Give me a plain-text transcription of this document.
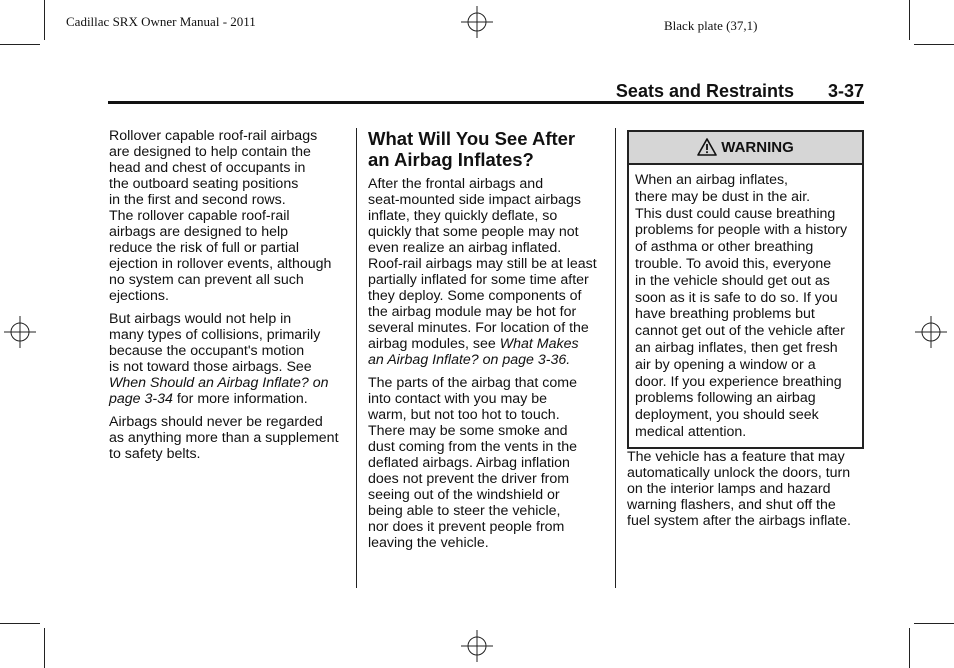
Cadillac SRX Owner Manual - 2011	Black plate (37,1)
Seats and Restraints 3-37

Rollover capable roof-rail airbags
are designed to help contain the
head and chest of occupants in
the outboard seating positions
in the first and second rows.
The rollover capable roof-rail
airbags are designed to help
reduce the risk of full or partial
ejection in rollover events, although
no system can prevent all such
ejections.

But airbags would not help in
many types of collisions, primarily
because the occupant's motion
is not toward those airbags. See
When Should an Airbag Inflate? on
page 3-34 for more information.

Airbags should never be regarded
as anything more than a supplement
to safety belts.

What Will You See After
an Airbag Inflates?

After the frontal airbags and
seat-mounted side impact airbags
inflate, they quickly deflate, so
quickly that some people may not
even realize an airbag inflated.
Roof-rail airbags may still be at least
partially inflated for some time after
they deploy. Some components of
the airbag module may be hot for
several minutes. For location of the
airbag modules, see What Makes
an Airbag Inflate? on page 3-36.

The parts of the airbag that come
into contact with you may be
warm, but not too hot to touch.
There may be some smoke and
dust coming from the vents in the
deflated airbags. Airbag inflation
does not prevent the driver from
seeing out of the windshield or
being able to steer the vehicle,
nor does it prevent people from
leaving the vehicle.

WARNING
When an airbag inflates,
there may be dust in the air.
This dust could cause breathing
problems for people with a history
of asthma or other breathing
trouble. To avoid this, everyone
in the vehicle should get out as
soon as it is safe to do so. If you
have breathing problems but
cannot get out of the vehicle after
an airbag inflates, then get fresh
air by opening a window or a
door. If you experience breathing
problems following an airbag
deployment, you should seek
medical attention.

The vehicle has a feature that may
automatically unlock the doors, turn
on the interior lamps and hazard
warning flashers, and shut off the
fuel system after the airbags inflate.
